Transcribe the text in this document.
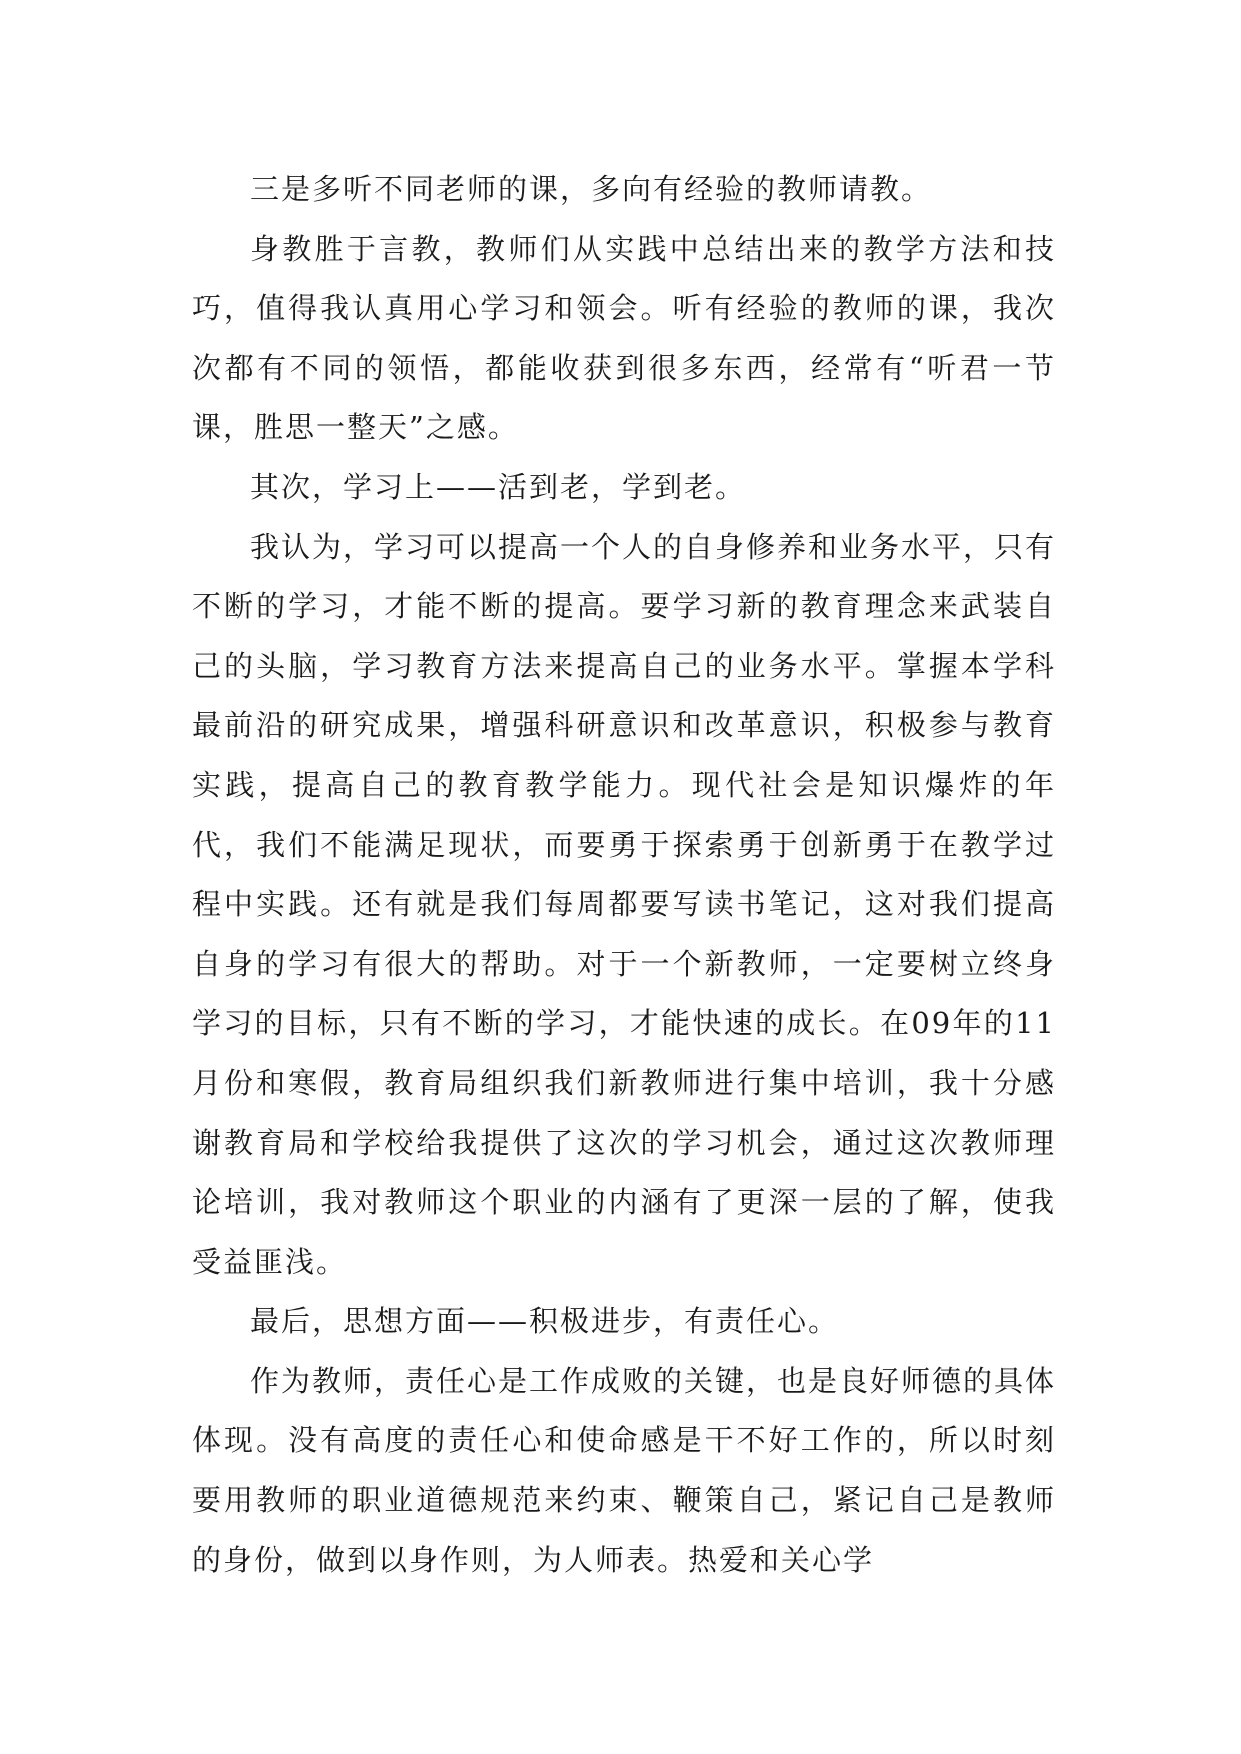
三是多听不同老师的课，多向有经验的教师请教。

身教胜于言教，教师们从实践中总结出来的教学方法和技巧，值得我认真用心学习和领会。听有经验的教师的课，我次次都有不同的领悟，都能收获到很多东西，经常有“听君一节课，胜思一整天”之感。

其次，学习上——活到老，学到老。

我认为，学习可以提高一个人的自身修养和业务水平，只有不断的学习，才能不断的提高。要学习新的教育理念来武装自己的头脑，学习教育方法来提高自己的业务水平。掌握本学科最前沿的研究成果，增强科研意识和改革意识，积极参与教育实践，提高自己的教育教学能力。现代社会是知识爆炸的年代，我们不能满足现状，而要勇于探索勇于创新勇于在教学过程中实践。还有就是我们每周都要写读书笔记，这对我们提高自身的学习有很大的帮助。对于一个新教师，一定要树立终身学习的目标，只有不断的学习，才能快速的成长。在09年的11月份和寒假，教育局组织我们新教师进行集中培训，我十分感谢教育局和学校给我提供了这次的学习机会，通过这次教师理论培训，我对教师这个职业的内涵有了更深一层的了解，使我受益匪浅。

最后，思想方面——积极进步，有责任心。

作为教师，责任心是工作成败的关键，也是良好师德的具体体现。没有高度的责任心和使命感是干不好工作的，所以时刻要用教师的职业道德规范来约束、鞭策自己，紧记自己是教师的身份，做到以身作则，为人师表。热爱和关心学
